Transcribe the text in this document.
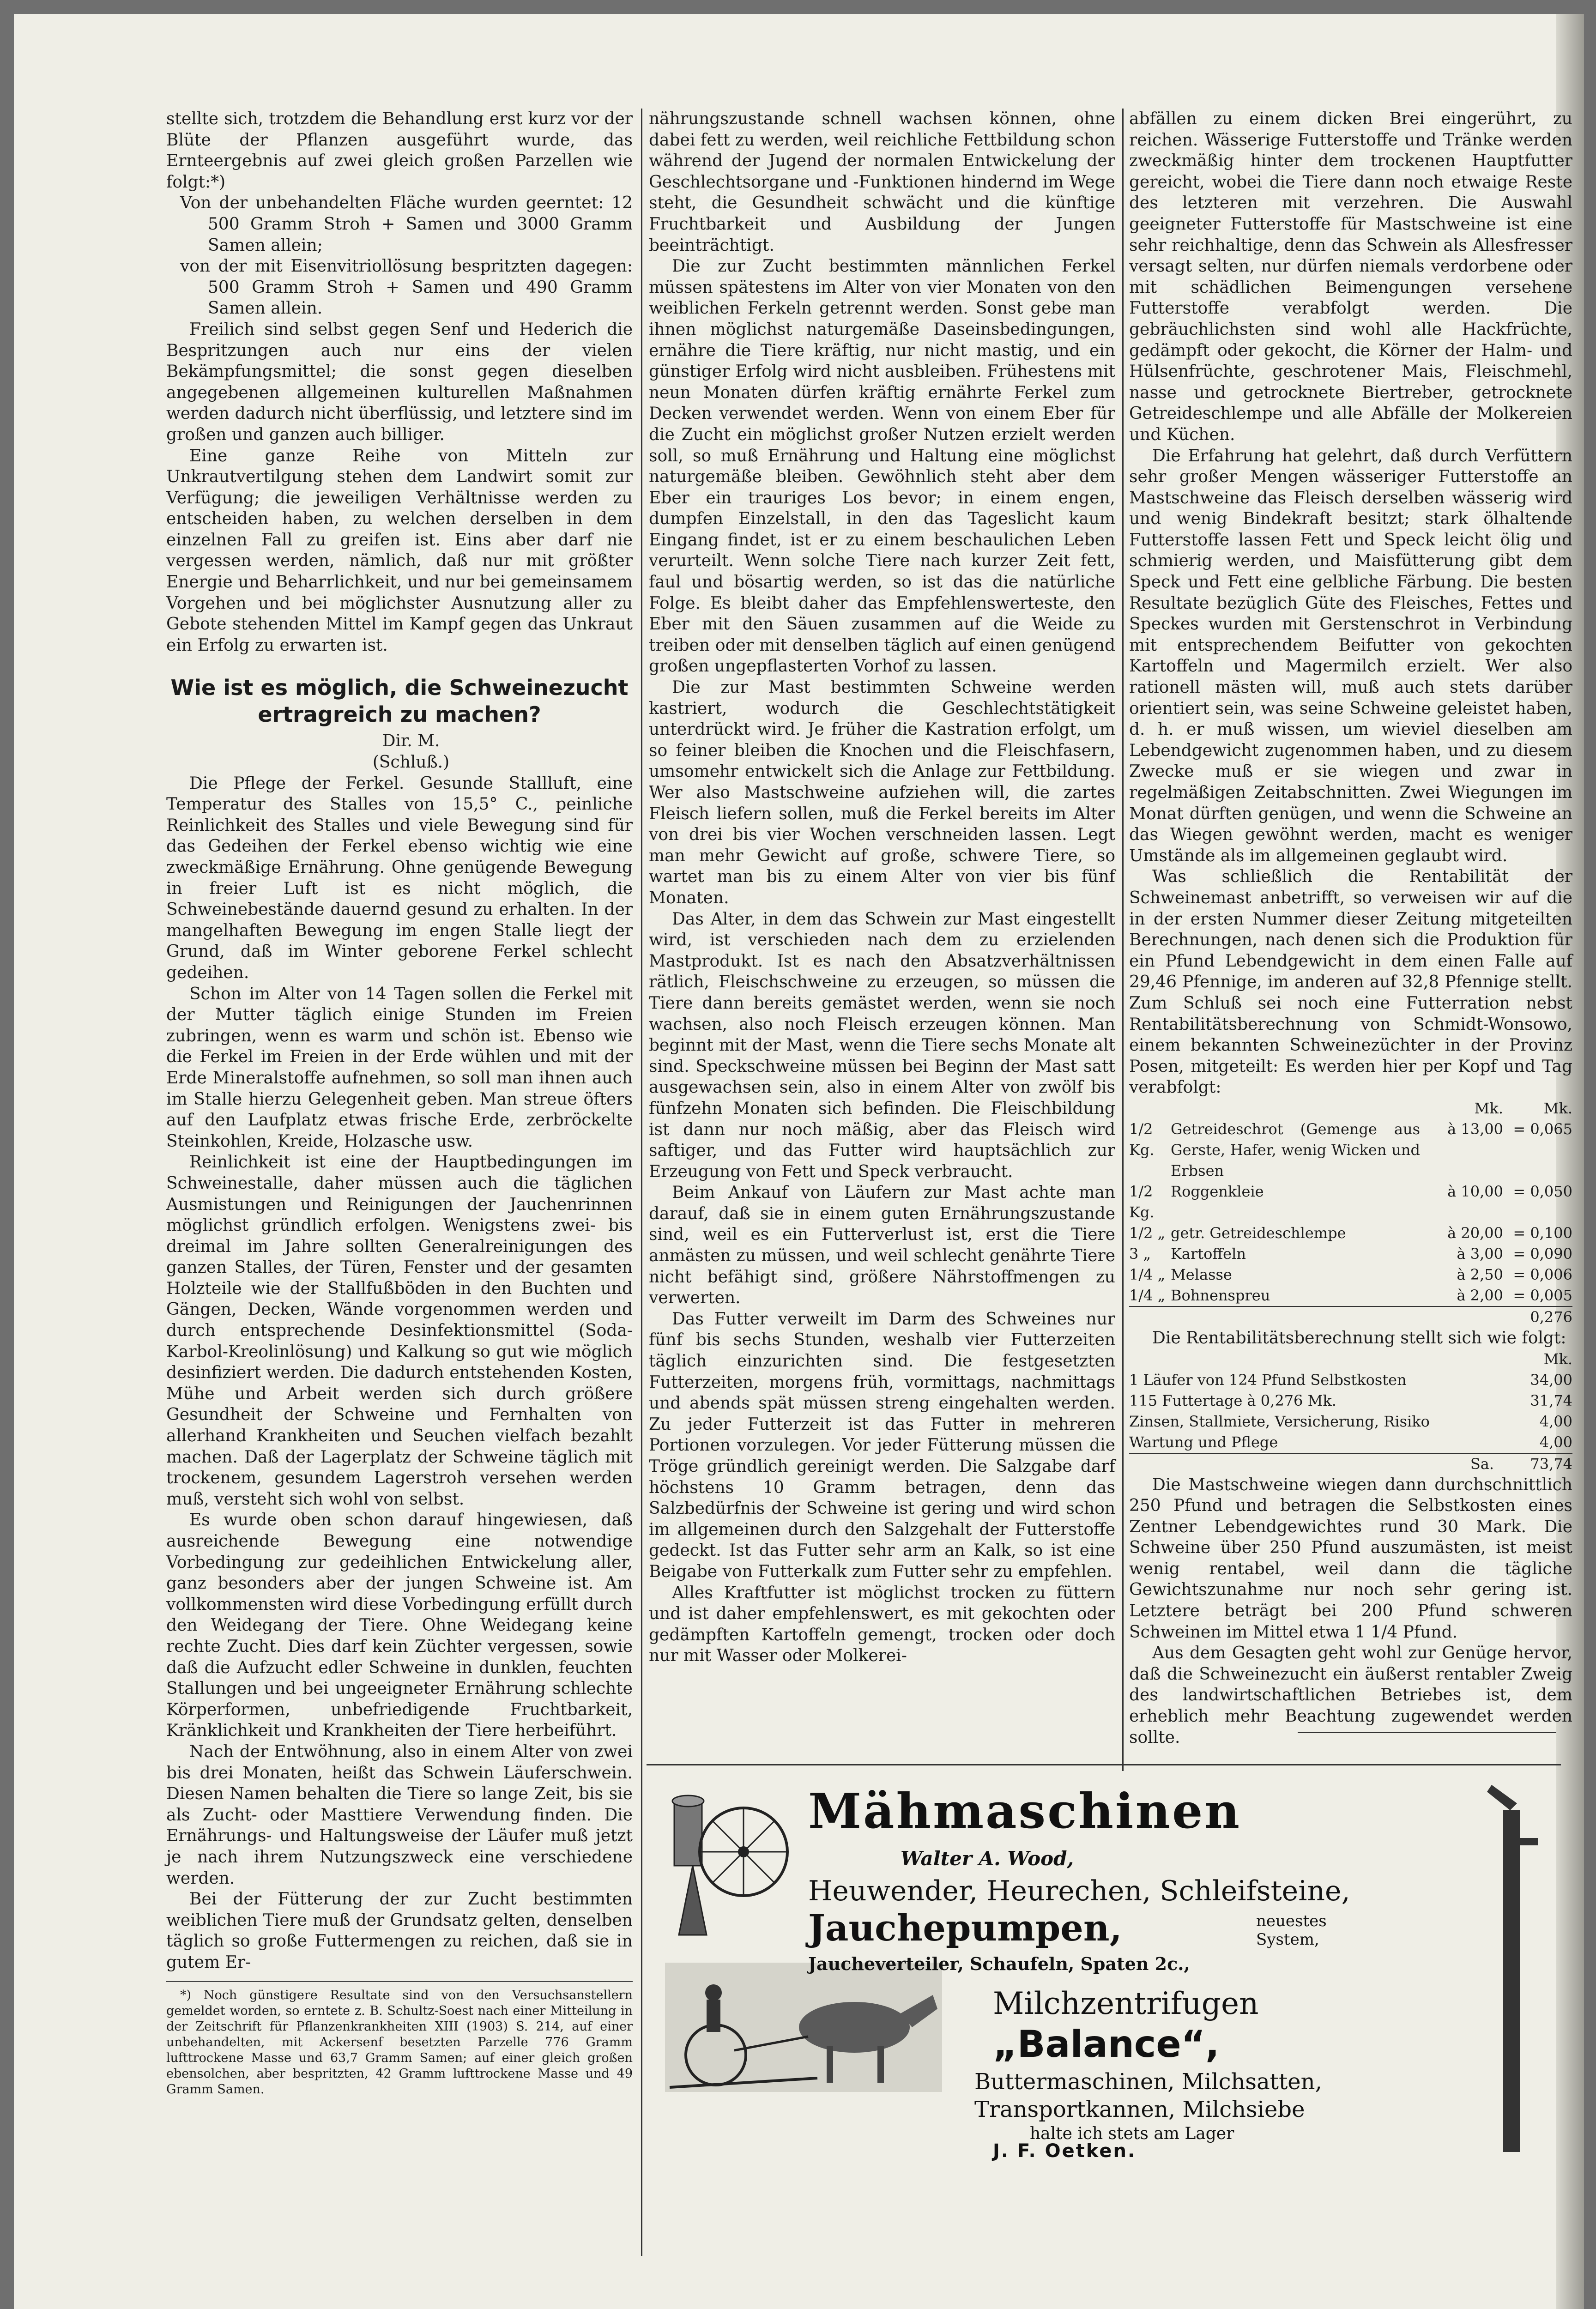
stellte sich, trotzdem die Behandlung erst kurz vor der Blüte der Pflanzen ausgeführt wurde, das Ernteergebnis auf zwei gleich großen Parzellen wie folgt:*)

Von der unbehandelten Fläche wurden geerntet: 12 500 Gramm Stroh + Samen und 3000 Gramm Samen allein;

von der mit Eisenvitriollösung bespritzten dagegen: 500 Gramm Stroh + Samen und 490 Gramm Samen allein.

Freilich sind selbst gegen Senf und Hederich die Bespritzungen auch nur eins der vielen Bekämpfungsmittel; die sonst gegen dieselben angegebenen allgemeinen kulturellen Maßnahmen werden dadurch nicht überflüssig, und letztere sind im großen und ganzen auch billiger.

Eine ganze Reihe von Mitteln zur Unkrautvertilgung stehen dem Landwirt somit zur Verfügung; die jeweiligen Verhältnisse werden zu entscheiden haben, zu welchen derselben in dem einzelnen Fall zu greifen ist. Eins aber darf nie vergessen werden, nämlich, daß nur mit größter Energie und Beharrlichkeit, und nur bei gemeinsamem Vorgehen und bei möglichster Ausnutzung aller zu Gebote stehenden Mittel im Kampf gegen das Unkraut ein Erfolg zu erwarten ist.

Wie ist es möglich, die Schweinezucht ertragreich zu machen?

Dir. M.

(Schluß.)

Die Pflege der Ferkel. Gesunde Stallluft, eine Temperatur des Stalles von 15,5° C., peinliche Reinlichkeit des Stalles und viele Bewegung sind für das Gedeihen der Ferkel ebenso wichtig wie eine zweckmäßige Ernährung. Ohne genügende Bewegung in freier Luft ist es nicht möglich, die Schweinebestände dauernd gesund zu erhalten. In der mangelhaften Bewegung im engen Stalle liegt der Grund, daß im Winter geborene Ferkel schlecht gedeihen.

Schon im Alter von 14 Tagen sollen die Ferkel mit der Mutter täglich einige Stunden im Freien zubringen, wenn es warm und schön ist. Ebenso wie die Ferkel im Freien in der Erde wühlen und mit der Erde Mineralstoffe aufnehmen, so soll man ihnen auch im Stalle hierzu Gelegenheit geben. Man streue öfters auf den Laufplatz etwas frische Erde, zerbröckelte Steinkohlen, Kreide, Holzasche usw.

Reinlichkeit ist eine der Hauptbedingungen im Schweinestalle, daher müssen auch die täglichen Ausmistungen und Reinigungen der Jauchenrinnen möglichst gründlich erfolgen. Wenigstens zwei- bis dreimal im Jahre sollten Generalreinigungen des ganzen Stalles, der Türen, Fenster und der gesamten Holzteile wie der Stallfußböden in den Buchten und Gängen, Decken, Wände vorgenommen werden und durch entsprechende Desinfektionsmittel (Soda-Karbol-Kreolinlösung) und Kalkung so gut wie möglich desinfiziert werden. Die dadurch entstehenden Kosten, Mühe und Arbeit werden sich durch größere Gesundheit der Schweine und Fernhalten von allerhand Krankheiten und Seuchen vielfach bezahlt machen. Daß der Lagerplatz der Schweine täglich mit trockenem, gesundem Lagerstroh versehen werden muß, versteht sich wohl von selbst.

Es wurde oben schon darauf hingewiesen, daß ausreichende Bewegung eine notwendige Vorbedingung zur gedeihlichen Entwickelung aller, ganz besonders aber der jungen Schweine ist. Am vollkommensten wird diese Vorbedingung erfüllt durch den Weidegang der Tiere. Ohne Weidegang keine rechte Zucht. Dies darf kein Züchter vergessen, sowie daß die Aufzucht edler Schweine in dunklen, feuchten Stallungen und bei ungeeigneter Ernährung schlechte Körperformen, unbefriedigende Fruchtbarkeit, Kränklichkeit und Krankheiten der Tiere herbeiführt.

Nach der Entwöhnung, also in einem Alter von zwei bis drei Monaten, heißt das Schwein Läuferschwein. Diesen Namen behalten die Tiere so lange Zeit, bis sie als Zucht- oder Masttiere Verwendung finden. Die Ernährungs- und Haltungsweise der Läufer muß jetzt je nach ihrem Nutzungszweck eine verschiedene werden.

Bei der Fütterung der zur Zucht bestimmten weiblichen Tiere muß der Grundsatz gelten, denselben täglich so große Futtermengen zu reichen, daß sie in gutem Er-

*) Noch günstigere Resultate sind von den Versuchsanstellern gemeldet worden, so erntete z. B. Schultz-Soest nach einer Mitteilung in der Zeitschrift für Pflanzenkrankheiten XIII (1903) S. 214, auf einer unbehandelten, mit Ackersenf besetzten Parzelle 776 Gramm lufttrockene Masse und 63,7 Gramm Samen; auf einer gleich großen ebensolchen, aber bespritzten, 42 Gramm lufttrockene Masse und 49 Gramm Samen.

nährungszustande schnell wachsen können, ohne dabei fett zu werden, weil reichliche Fettbildung schon während der Jugend der normalen Entwickelung der Geschlechtsorgane und -Funktionen hindernd im Wege steht, die Gesundheit schwächt und die künftige Fruchtbarkeit und Ausbildung der Jungen beeinträchtigt.

Die zur Zucht bestimmten männlichen Ferkel müssen spätestens im Alter von vier Monaten von den weiblichen Ferkeln getrennt werden. Sonst gebe man ihnen möglichst naturgemäße Daseinsbedingungen, ernähre die Tiere kräftig, nur nicht mastig, und ein günstiger Erfolg wird nicht ausbleiben. Frühestens mit neun Monaten dürfen kräftig ernährte Ferkel zum Decken verwendet werden. Wenn von einem Eber für die Zucht ein möglichst großer Nutzen erzielt werden soll, so muß Ernährung und Haltung eine möglichst naturgemäße bleiben. Gewöhnlich steht aber dem Eber ein trauriges Los bevor; in einem engen, dumpfen Einzelstall, in den das Tageslicht kaum Eingang findet, ist er zu einem beschaulichen Leben verurteilt. Wenn solche Tiere nach kurzer Zeit fett, faul und bösartig werden, so ist das die natürliche Folge. Es bleibt daher das Empfehlenswerteste, den Eber mit den Säuen zusammen auf die Weide zu treiben oder mit denselben täglich auf einen genügend großen ungepflasterten Vorhof zu lassen.

Die zur Mast bestimmten Schweine werden kastriert, wodurch die Geschlechtstätigkeit unterdrückt wird. Je früher die Kastration erfolgt, um so feiner bleiben die Knochen und die Fleischfasern, umsomehr entwickelt sich die Anlage zur Fettbildung. Wer also Mastschweine aufziehen will, die zartes Fleisch liefern sollen, muß die Ferkel bereits im Alter von drei bis vier Wochen verschneiden lassen. Legt man mehr Gewicht auf große, schwere Tiere, so wartet man bis zu einem Alter von vier bis fünf Monaten.

Das Alter, in dem das Schwein zur Mast eingestellt wird, ist verschieden nach dem zu erzielenden Mastprodukt. Ist es nach den Absatzverhältnissen rätlich, Fleischschweine zu erzeugen, so müssen die Tiere dann bereits gemästet werden, wenn sie noch wachsen, also noch Fleisch erzeugen können. Man beginnt mit der Mast, wenn die Tiere sechs Monate alt sind. Speckschweine müssen bei Beginn der Mast satt ausgewachsen sein, also in einem Alter von zwölf bis fünfzehn Monaten sich befinden. Die Fleischbildung ist dann nur noch mäßig, aber das Fleisch wird saftiger, und das Futter wird hauptsächlich zur Erzeugung von Fett und Speck verbraucht.

Beim Ankauf von Läufern zur Mast achte man darauf, daß sie in einem guten Ernährungszustande sind, weil es ein Futterverlust ist, erst die Tiere anmästen zu müssen, und weil schlecht genährte Tiere nicht befähigt sind, größere Nährstoffmengen zu verwerten.

Das Futter verweilt im Darm des Schweines nur fünf bis sechs Stunden, weshalb vier Futterzeiten täglich einzurichten sind. Die festgesetzten Futterzeiten, morgens früh, vormittags, nachmittags und abends spät müssen streng eingehalten werden. Zu jeder Futterzeit ist das Futter in mehreren Portionen vorzulegen. Vor jeder Fütterung müssen die Tröge gründlich gereinigt werden. Die Salzgabe darf höchstens 10 Gramm betragen, denn das Salzbedürfnis der Schweine ist gering und wird schon im allgemeinen durch den Salzgehalt der Futterstoffe gedeckt. Ist das Futter sehr arm an Kalk, so ist eine Beigabe von Futterkalk zum Futter sehr zu empfehlen.

Alles Kraftfutter ist möglichst trocken zu füttern und ist daher empfehlenswert, es mit gekochten oder gedämpften Kartoffeln gemengt, trocken oder doch nur mit Wasser oder Molkerei-

abfällen zu einem dicken Brei eingerührt, zu reichen. Wässerige Futterstoffe und Tränke werden zweckmäßig hinter dem trockenen Hauptfutter gereicht, wobei die Tiere dann noch etwaige Reste des letzteren mit verzehren. Die Auswahl geeigneter Futterstoffe für Mastschweine ist eine sehr reichhaltige, denn das Schwein als Allesfresser versagt selten, nur dürfen niemals verdorbene oder mit schädlichen Beimengungen versehene Futterstoffe verabfolgt werden. Die gebräuchlichsten sind wohl alle Hackfrüchte, gedämpft oder gekocht, die Körner der Halm- und Hülsenfrüchte, geschrotener Mais, Fleischmehl, nasse und getrocknete Biertreber, getrocknete Getreideschlempe und alle Abfälle der Molkereien und Küchen.

Die Erfahrung hat gelehrt, daß durch Verfüttern sehr großer Mengen wässeriger Futterstoffe an Mastschweine das Fleisch derselben wässerig wird und wenig Bindekraft besitzt; stark ölhaltende Futterstoffe lassen Fett und Speck leicht ölig und schmierig werden, und Maisfütterung gibt dem Speck und Fett eine gelbliche Färbung. Die besten Resultate bezüglich Güte des Fleisches, Fettes und Speckes wurden mit Gerstenschrot in Verbindung mit entsprechendem Beifutter von gekochten Kartoffeln und Magermilch erzielt. Wer also rationell mästen will, muß auch stets darüber orientiert sein, was seine Schweine geleistet haben, d. h. er muß wissen, um wieviel dieselben am Lebendgewicht zugenommen haben, und zu diesem Zwecke muß er sie wiegen und zwar in regelmäßigen Zeitabschnitten. Zwei Wiegungen im Monat dürften genügen, und wenn die Schweine an das Wiegen gewöhnt werden, macht es weniger Umstände als im allgemeinen geglaubt wird.

Was schließlich die Rentabilität der Schweinemast anbetrifft, so verweisen wir auf die in der ersten Nummer dieser Zeitung mitgeteilten Berechnungen, nach denen sich die Produktion für ein Pfund Lebendgewicht in dem einen Falle auf 29,46 Pfennige, im anderen auf 32,8 Pfennige stellt. Zum Schluß sei noch eine Futterration nebst Rentabilitätsberechnung von Schmidt-Wonsowo, einem bekannten Schweinezüchter in der Provinz Posen, mitgeteilt: Es werden hier per Kopf und Tag verabfolgt:

		Mk.	Mk.
1/2 Kg.	Getreideschrot (Gemenge aus Gerste, Hafer, wenig Wicken und Erbsen	à 13,00	= 0,065
1/2 Kg.	Roggenkleie	à 10,00	= 0,050
1/2 „	getr. Getreideschlempe	à 20,00	= 0,100
3 „	Kartoffeln	à 3,00	= 0,090
1/4 „	Melasse	à 2,50	= 0,006
1/4 „	Bohnenspreu	à 2,00	= 0,005
0,276			

Die Rentabilitätsberechnung stellt sich wie folgt:

	Mk.
1 Läufer von 124 Pfund Selbstkosten	34,00
115 Futtertage à 0,276 Mk.	31,74
Zinsen, Stallmiete, Versicherung, Risiko	4,00
Wartung und Pflege	4,00
Sa.	73,74

Die Mastschweine wiegen dann durchschnittlich 250 Pfund und betragen die Selbstkosten eines Zentner Lebendgewichtes rund 30 Mark. Die Schweine über 250 Pfund auszumästen, ist meist wenig rentabel, weil dann die tägliche Gewichtszunahme nur noch sehr gering ist. Letztere beträgt bei 200 Pfund schweren Schweinen im Mittel etwa 1 1/4 Pfund.

Aus dem Gesagten geht wohl zur Genüge hervor, daß die Schweinezucht ein äußerst rentabler Zweig des landwirtschaftlichen Betriebes ist, dem erheblich mehr Beachtung zugewendet werden sollte.

Mähmaschinen
Walter A. Wood,
Heuwender, Heurechen, Schleifsteine,
Jauchepumpen,	neuestes System,
Jaucheverteiler, Schaufeln, Spaten 2c.,
Milchzentrifugen
„Balance“,
Buttermaschinen, Milchsatten,
Transportkannen, Milchsiebe
halte ich stets am Lager
J. F. Oetken.
